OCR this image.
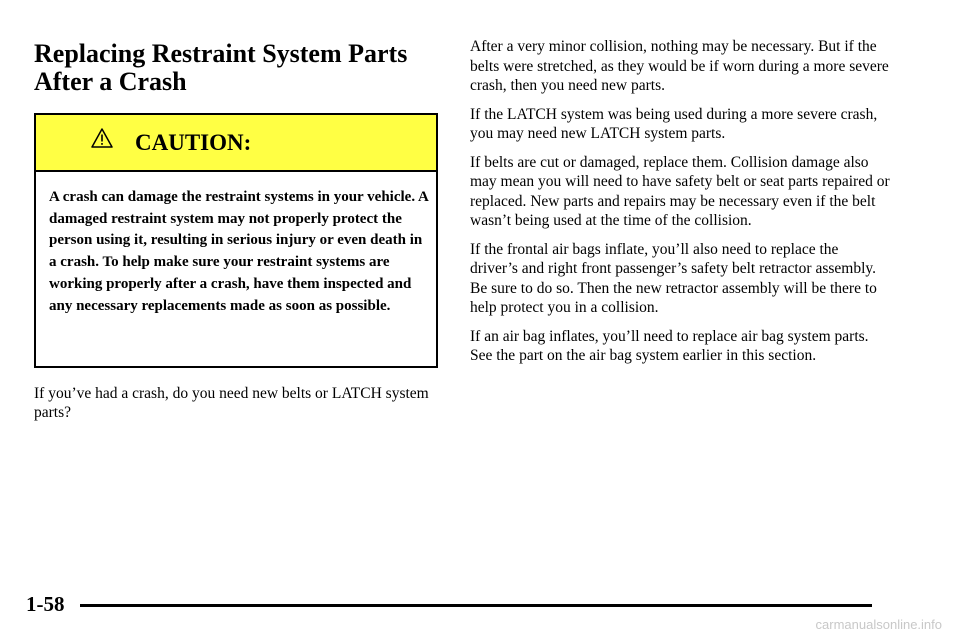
Replacing Restraint System Parts After a Crash
CAUTION:
A crash can damage the restraint systems in your vehicle. A damaged restraint system may not properly protect the person using it, resulting in serious injury or even death in a crash. To help make sure your restraint systems are working properly after a crash, have them inspected and any necessary replacements made as soon as possible.
If you’ve had a crash, do you need new belts or LATCH system parts?

After a very minor collision, nothing may be necessary. But if the belts were stretched, as they would be if worn during a more severe crash, then you need new parts.

If the LATCH system was being used during a more severe crash, you may need new LATCH system parts.

If belts are cut or damaged, replace them. Collision damage also may mean you will need to have safety belt or seat parts repaired or replaced. New parts and repairs may be necessary even if the belt wasn’t being used at the time of the collision.

If the frontal air bags inflate, you’ll also need to replace the driver’s and right front passenger’s safety belt retractor assembly. Be sure to do so. Then the new retractor assembly will be there to help protect you in a collision.

If an air bag inflates, you’ll need to replace air bag system parts. See the part on the air bag system earlier in this section.

1-58
carmanualsonline.info
